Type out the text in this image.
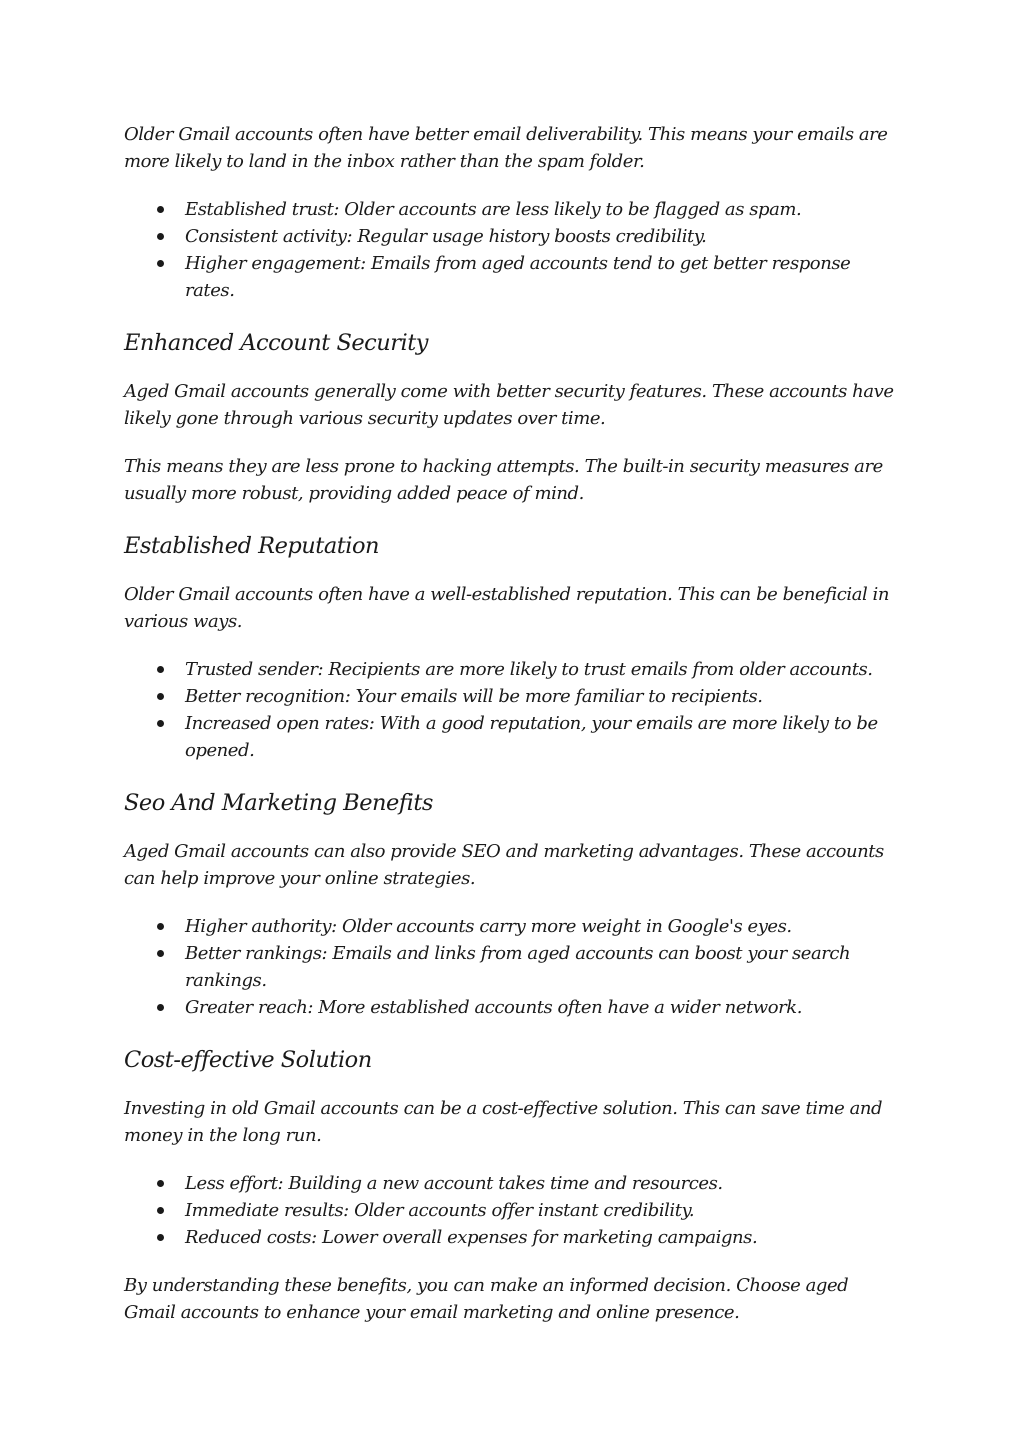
Older Gmail accounts often have better email deliverability. This means your emails are more likely to land in the inbox rather than the spam folder.

Established trust: Older accounts are less likely to be flagged as spam.
Consistent activity: Regular usage history boosts credibility.
Higher engagement: Emails from aged accounts tend to get better response rates.
Enhanced Account Security

Aged Gmail accounts generally come with better security features. These accounts have likely gone through various security updates over time.

This means they are less prone to hacking attempts. The built-in security measures are usually more robust, providing added peace of mind.

Established Reputation

Older Gmail accounts often have a well-established reputation. This can be beneficial in various ways.

Trusted sender: Recipients are more likely to trust emails from older accounts.
Better recognition: Your emails will be more familiar to recipients.
Increased open rates: With a good reputation, your emails are more likely to be opened.
Seo And Marketing Benefits

Aged Gmail accounts can also provide SEO and marketing advantages. These accounts can help improve your online strategies.

Higher authority: Older accounts carry more weight in Google's eyes.
Better rankings: Emails and links from aged accounts can boost your search rankings.
Greater reach: More established accounts often have a wider network.
Cost-effective Solution

Investing in old Gmail accounts can be a cost-effective solution. This can save time and money in the long run.

Less effort: Building a new account takes time and resources.
Immediate results: Older accounts offer instant credibility.
Reduced costs: Lower overall expenses for marketing campaigns.

By understanding these benefits, you can make an informed decision. Choose aged Gmail accounts to enhance your email marketing and online presence.
